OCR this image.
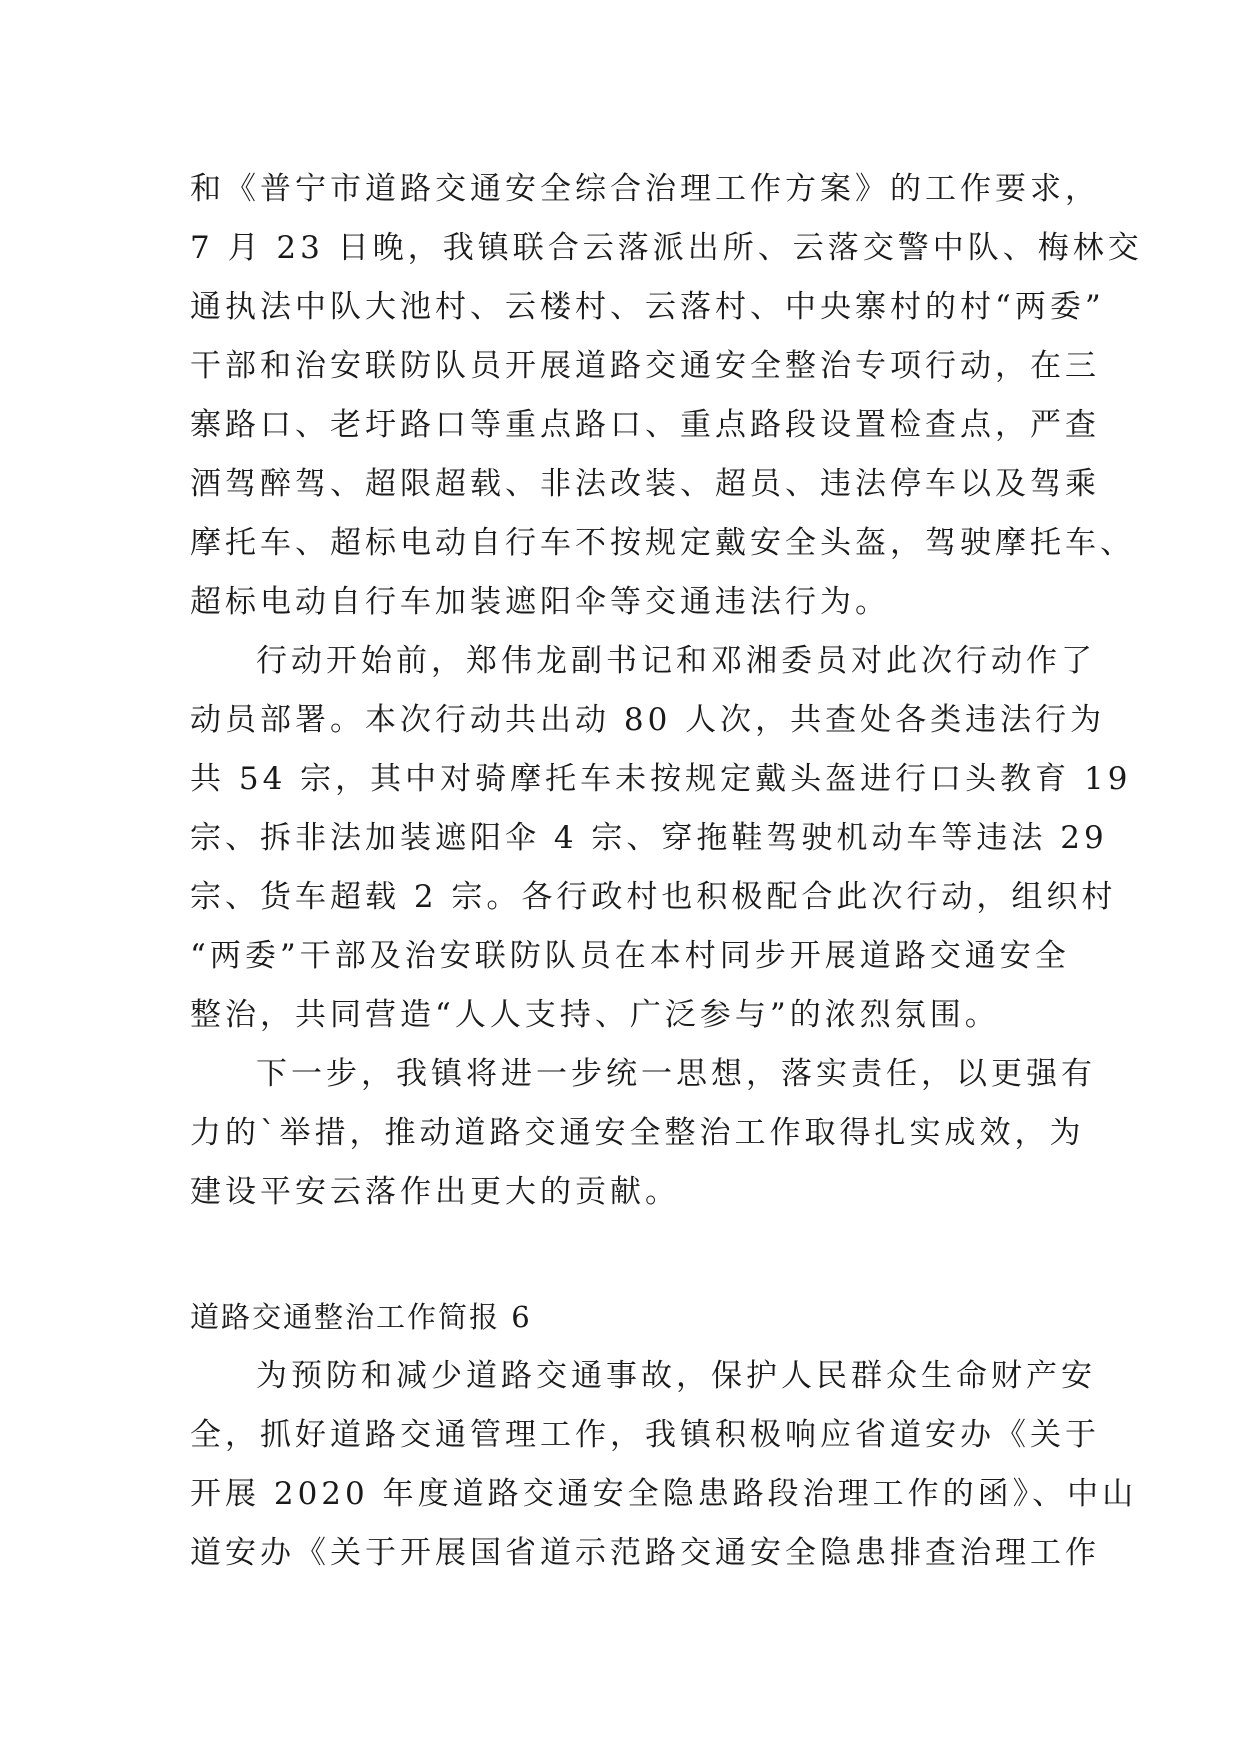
和《普宁市道路交通安全综合治理工作方案》的工作要求，
7 月 23 日晚，我镇联合云落派出所、云落交警中队、梅林交
通执法中队大池村、云楼村、云落村、中央寨村的村“两委”
干部和治安联防队员开展道路交通安全整治专项行动，在三
寨路口、老圩路口等重点路口、重点路段设置检查点，严查
酒驾醉驾、超限超载、非法改装、超员、违法停车以及驾乘
摩托车、超标电动自行车不按规定戴安全头盔，驾驶摩托车、
超标电动自行车加装遮阳伞等交通违法行为。
行动开始前，郑伟龙副书记和邓湘委员对此次行动作了
动员部署。本次行动共出动 80 人次，共查处各类违法行为
共 54 宗，其中对骑摩托车未按规定戴头盔进行口头教育 19
宗、拆非法加装遮阳伞 4 宗、穿拖鞋驾驶机动车等违法 29
宗、货车超载 2 宗。各行政村也积极配合此次行动，组织村
“两委”干部及治安联防队员在本村同步开展道路交通安全
整治，共同营造“人人支持、广泛参与”的浓烈氛围。
下一步，我镇将进一步统一思想，落实责任，以更强有
力的`举措，推动道路交通安全整治工作取得扎实成效，为
建设平安云落作出更大的贡献。
道路交通整治工作简报 6
为预防和减少道路交通事故，保护人民群众生命财产安
全，抓好道路交通管理工作，我镇积极响应省道安办《关于
开展 2020 年度道路交通安全隐患路段治理工作的函》、中山
道安办《关于开展国省道示范路交通安全隐患排查治理工作
